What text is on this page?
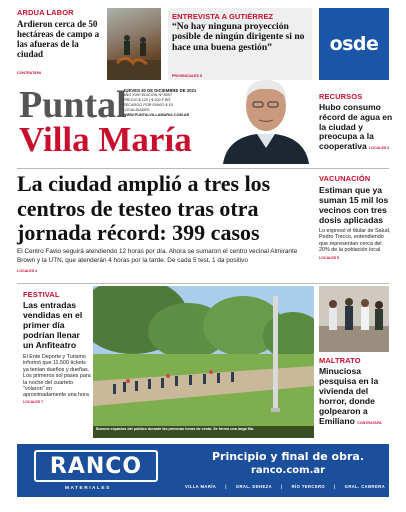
ARDUA LABOR
Ardieron cerca de 50 hectáreas de campo a las afueras de la ciudad
CONTRATAPA
ENTREVISTA A GUTIÉRREZ
“No hay ninguna proyección posible de ningún dirigente si no hace una buena gestión”
PROVINCIALES 8
osde
Puntal
Villa María
JUEVES 30 DE DICIEMBRE DE 2021
AÑO XXIII EDICIÓN Nº 8097
PRECIO $ 120 | $ 200 F.INT.
RECARGO POR ENVÍO $ 15
LOCALIDADES
WWW.PUNTALVILLAMARIA.COM.AR
RECURSOS
Hubo consumo récord de agua en la ciudad y preocupa a la cooperativa LOCALES 6
La ciudad amplió a tres los centros de testeo tras otra jornada récord: 399 casos
El Centro Favio seguirá atendiendo 12 horas por día. Ahora se sumaron el centro vecinal Almirante Brown y la UTN, que atenderán 4 horas por la tarde. De cada 5 test, 1 da positivo
LOCALES 4
VACUNACIÓN
Estiman que ya suman 15 mil los vecinos con tres dosis aplicadas
Lo expresó el titular de Salud, Pedro Trecco, entendiendo que representan cerca del 20% de la población local
LOCALES 5
FESTIVAL
Las entradas vendidas en el primer día podrían llenar un Anfiteatro
El Ente Deporte y Turismo informó que 11.500 tickets ya tenían dueños y dueñas. Los primeros sol pases para la noche del cuarteto "volaron" en aproximadamente una hora
LOCALES 7
Buenos espacios del público durante las primeras horas de venta. Se formó una larga fila.
MALTRATO
Minuciosa pesquisa en la vivienda del horror, donde golpearon a Emiliano CONTRATAPA
RANCO
MATERIALES
Principio y final de obra.
ranco.com.ar
VILLA MARÍA | GRAL. DEHEZA | RÍO TERCERO | GRAL. CABRERA
